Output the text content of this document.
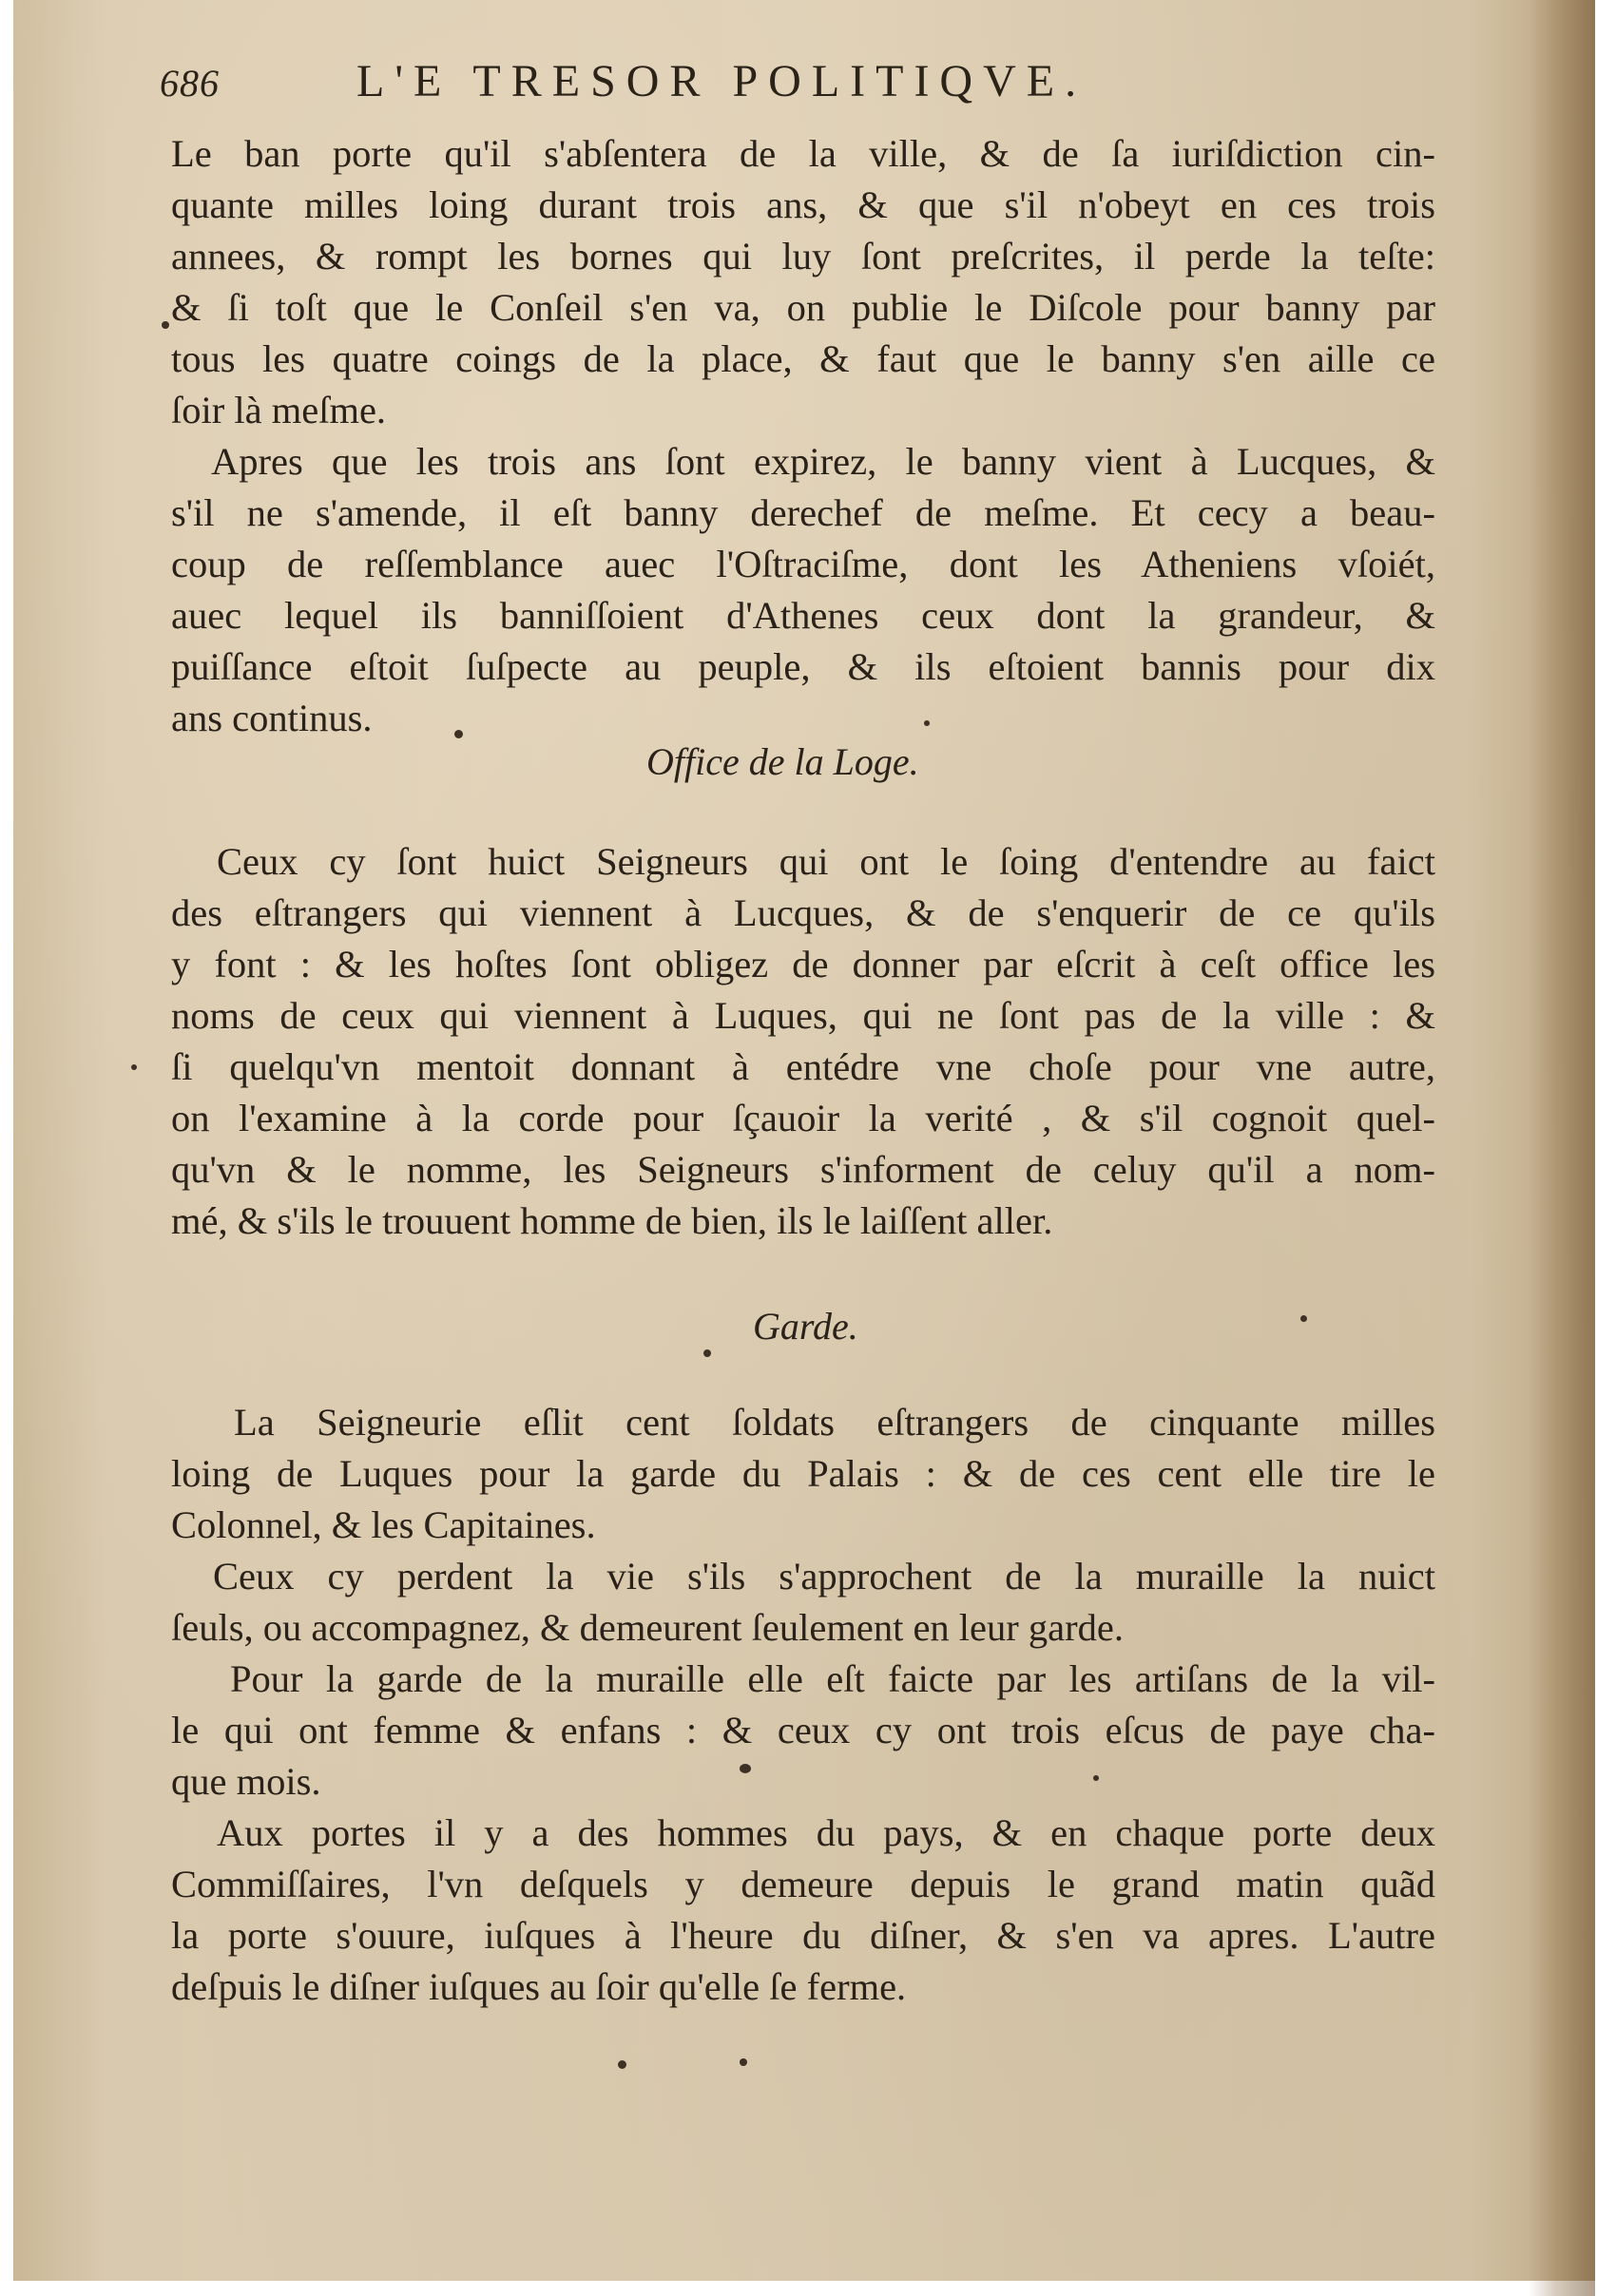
686	L'E TRESOR POLITIQVE.
Le ban porte qu'il s'abſentera de la ville, & de ſa iuriſdiction cin-
quante milles loing durant trois ans, & que s'il n'obeyt en ces trois
annees, & rompt les bornes qui luy ſont preſcrites, il perde la teſte:
& ſi toſt que le Conſeil s'en va, on publie le Diſcole pour banny par
tous les quatre coings de la place, & faut que le banny s'en aille ce
ſoir là meſme.
Apres que les trois ans ſont expirez, le banny vient à Lucques, &
s'il ne s'amende, il eſt banny derechef de meſme. Et cecy a beau-
coup de reſſemblance auec l'Oſtraciſme, dont les Atheniens vſoiét,
auec lequel ils banniſſoient d'Athenes ceux dont la grandeur, &
puiſſance eſtoit ſuſpecte au peuple, & ils eſtoient bannis pour dix
ans continus.
Office de la Loge.
Ceux cy ſont huict Seigneurs qui ont le ſoing d'entendre au faict
des eſtrangers qui viennent à Lucques, & de s'enquerir de ce qu'ils
y font : & les hoſtes ſont obligez de donner par eſcrit à ceſt office les
noms de ceux qui viennent à Luques, qui ne ſont pas de la ville : &
ſi quelqu'vn mentoit donnant à entédre vne choſe pour vne autre,
on l'examine à la corde pour ſçauoir la verité , & s'il cognoit quel-
qu'vn & le nomme, les Seigneurs s'informent de celuy qu'il a nom-
mé, & s'ils le trouuent homme de bien, ils le laiſſent aller.
Garde.
La Seigneurie eſlit cent ſoldats eſtrangers de cinquante milles
loing de Luques pour la garde du Palais : & de ces cent elle tire le
Colonnel, & les Capitaines.
Ceux cy perdent la vie s'ils s'approchent de la muraille la nuict
ſeuls, ou accompagnez, & demeurent ſeulement en leur garde.
Pour la garde de la muraille elle eſt faicte par les artiſans de la vil-
le qui ont femme & enfans : & ceux cy ont trois eſcus de paye cha-
que mois.
Aux portes il y a des hommes du pays, & en chaque porte deux
Commiſſaires, l'vn deſquels y demeure depuis le grand matin quãd
la porte s'ouure, iuſques à l'heure du diſner, & s'en va apres. L'autre
deſpuis le diſner iuſques au ſoir qu'elle ſe ferme.
